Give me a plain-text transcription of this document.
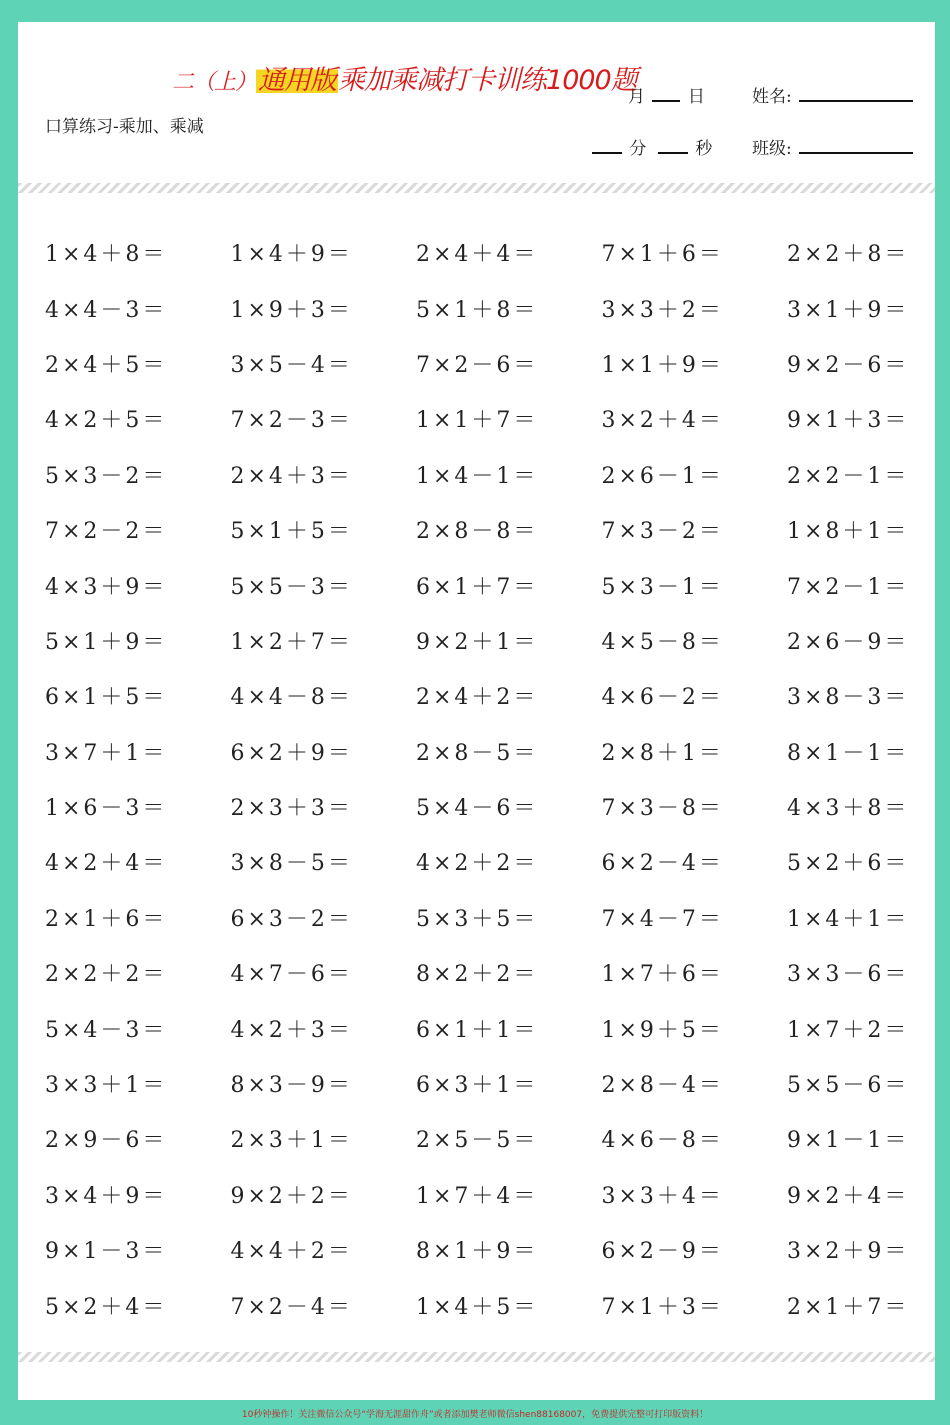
二（上）通用版乘加乘减打卡训练1000题
口算练习-乘加、乘减
月	日	姓名:
分	秒 班级:
1×4＋8＝	1×4＋9＝	2×4＋4＝	7×1＋6＝	2×2＋8＝
4×4－3＝	1×9＋3＝	5×1＋8＝	3×3＋2＝	3×1＋9＝
2×4＋5＝	3×5－4＝	7×2－6＝	1×1＋9＝	9×2－6＝
4×2＋5＝	7×2－3＝	1×1＋7＝	3×2＋4＝	9×1＋3＝
5×3－2＝	2×4＋3＝	1×4－1＝	2×6－1＝	2×2－1＝
7×2－2＝	5×1＋5＝	2×8－8＝	7×3－2＝	1×8＋1＝
4×3＋9＝	5×5－3＝	6×1＋7＝	5×3－1＝	7×2－1＝
5×1＋9＝	1×2＋7＝	9×2＋1＝	4×5－8＝	2×6－9＝
6×1＋5＝	4×4－8＝	2×4＋2＝	4×6－2＝	3×8－3＝
3×7＋1＝	6×2＋9＝	2×8－5＝	2×8＋1＝	8×1－1＝
1×6－3＝	2×3＋3＝	5×4－6＝	7×3－8＝	4×3＋8＝
4×2＋4＝	3×8－5＝	4×2＋2＝	6×2－4＝	5×2＋6＝
2×1＋6＝	6×3－2＝	5×3＋5＝	7×4－7＝	1×4＋1＝
2×2＋2＝	4×7－6＝	8×2＋2＝	1×7＋6＝	3×3－6＝
5×4－3＝	4×2＋3＝	6×1＋1＝	1×9＋5＝	1×7＋2＝
3×3＋1＝	8×3－9＝	6×3＋1＝	2×8－4＝	5×5－6＝
2×9－6＝	2×3＋1＝	2×5－5＝	4×6－8＝	9×1－1＝
3×4＋9＝	9×2＋2＝	1×7＋4＝	3×3＋4＝	9×2＋4＝
9×1－3＝	4×4＋2＝	8×1＋9＝	6×2－9＝	3×2＋9＝
5×2＋4＝	7×2－4＝	1×4＋5＝	7×1＋3＝	2×1＋7＝
10秒钟操作！关注微信公众号“学海无涯甜作舟”或者添加樊老师微信shen88168007，免费提供完整可打印版资料！
